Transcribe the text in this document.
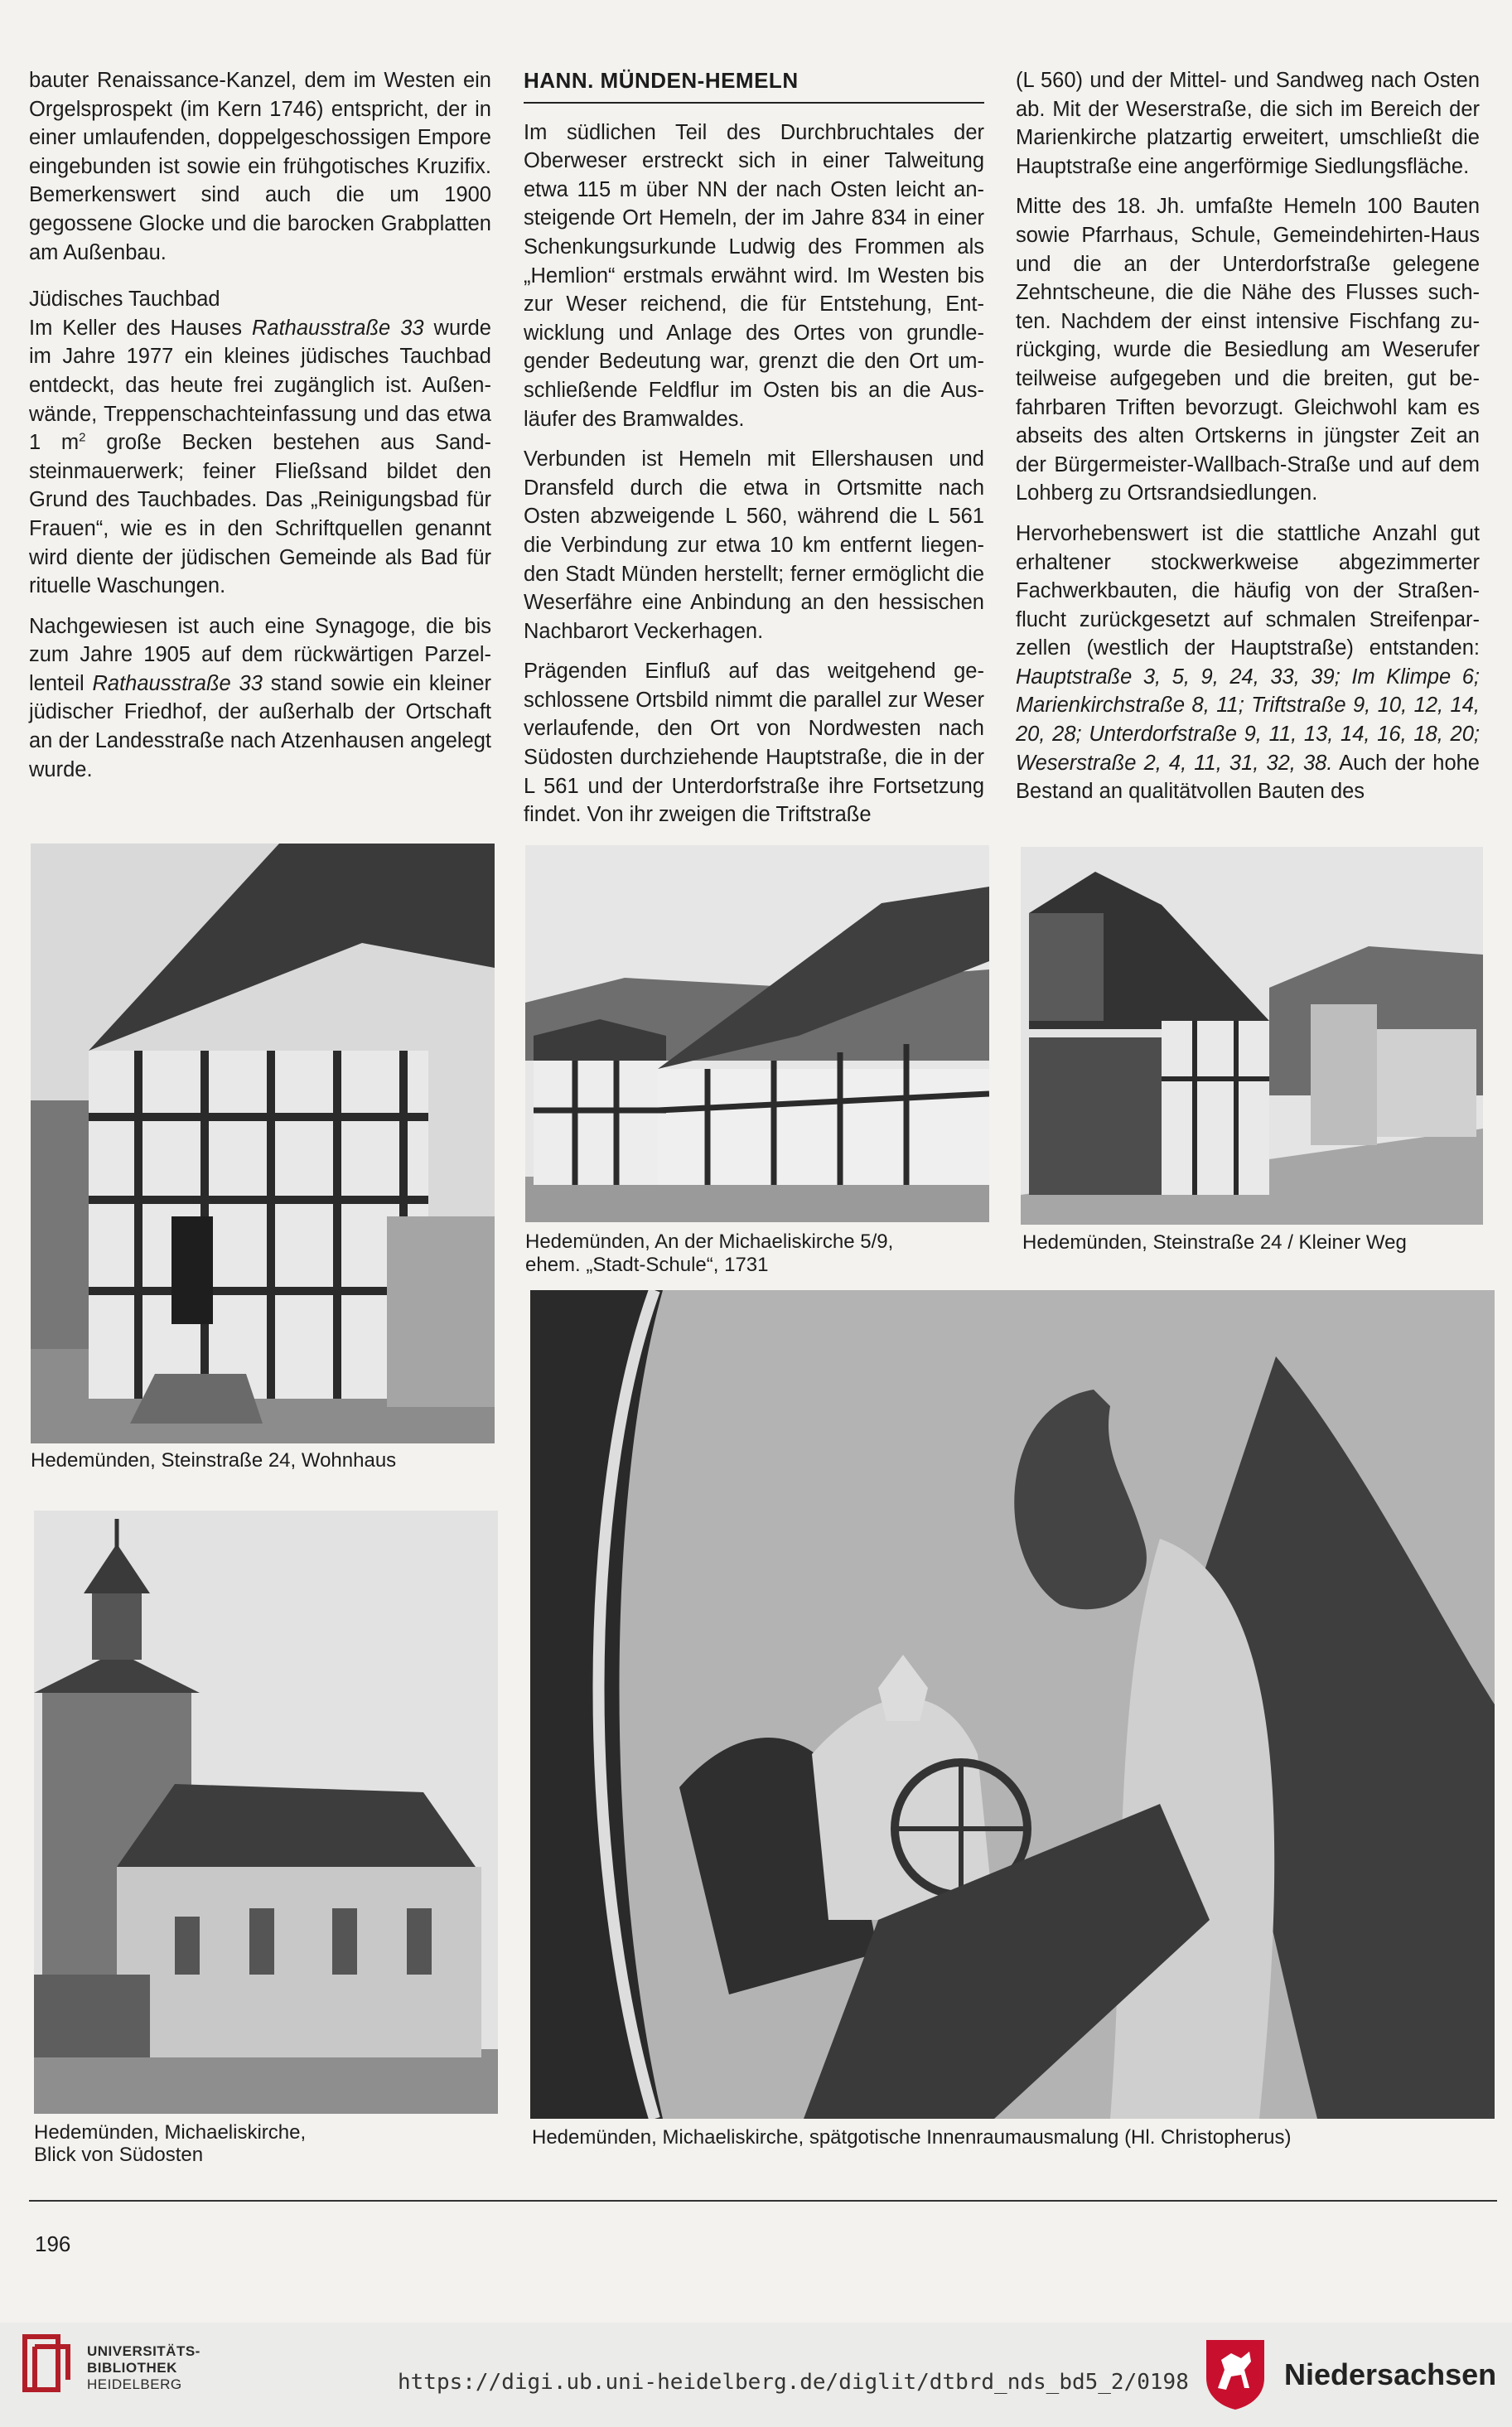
bauter Renaissance-Kanzel, dem im Westen ein Orgelsprospekt (im Kern 1746) entspricht, der in einer umlaufenden, doppelgeschossigen Empore eingebunden ist sowie ein frühgotisches Kruzifix. Bemerkenswert sind auch die um 1900 gegossene Glocke und die barocken Grabplatten am Außenbau.

Jüdisches Tauchbad

Im Keller des Hauses Rathausstraße 33 wurde im Jahre 1977 ein kleines jüdisches Tauchbad entdeckt, das heute frei zugänglich ist. Außenwände, Treppenschachteinfassung und das etwa 1 $m^2$ große Becken bestehen aus Sandsteinmauerwerk; feiner Fließsand bildet den Grund des Tauchbades. Das „Reinigungsbad für Frauen“, wie es in den Schriftquellen genannt wird diente der jüdischen Gemeinde als Bad für rituelle Waschungen.

Nachgewiesen ist auch eine Synagoge, die bis zum Jahre 1905 auf dem rückwärtigen Parzellenteil Rathausstraße 33 stand sowie ein kleiner jüdischer Friedhof, der außerhalb der Ortschaft an der Landesstraße nach Atzenhausen angelegt wurde.

HANN. MÜNDEN-HEMELN

Im südlichen Teil des Durchbruchtales der Oberweser erstreckt sich in einer Talweitung etwa 115 m über NN der nach Osten leicht ansteigende Ort Hemeln, der im Jahre 834 in einer Schenkungsurkunde Ludwig des Frommen als „Hemlion“ erstmals erwähnt wird. Im Westen bis zur Weser reichend, die für Entstehung, Entwicklung und Anlage des Ortes von grundlegender Bedeutung war, grenzt die den Ort umschließende Feldflur im Osten bis an die Ausläufer des Bramwaldes.

Verbunden ist Hemeln mit Ellershausen und Dransfeld durch die etwa in Ortsmitte nach Osten abzweigende L 560, während die L 561 die Verbindung zur etwa 10 km entfernt liegenden Stadt Münden herstellt; ferner ermöglicht die Weserfähre eine Anbindung an den hessischen Nachbarort Veckerhagen.

Prägenden Einfluß auf das weitgehend geschlossene Ortsbild nimmt die parallel zur Weser verlaufende, den Ort von Nordwesten nach Südosten durchziehende Hauptstraße, die in der L 561 und der Unterdorfstraße ihre Fortsetzung findet. Von ihr zweigen die Triftstraße

(L 560) und der Mittel- und Sandweg nach Osten ab. Mit der Weserstraße, die sich im Bereich der Marienkirche platzartig erweitert, umschließt die Hauptstraße eine angerförmige Siedlungsfläche.

Mitte des 18. Jh. umfaßte Hemeln 100 Bauten sowie Pfarrhaus, Schule, Gemeindehirten-Haus und die an der Unterdorfstraße gelegene Zehntscheune, die die Nähe des Flusses suchten. Nachdem der einst intensive Fischfang zurückging, wurde die Besiedlung am Weserufer teilweise aufgegeben und die breiten, gut befahrbaren Triften bevorzugt. Gleichwohl kam es abseits des alten Ortskerns in jüngster Zeit an der Bürgermeister-Wallbach-Straße und auf dem Lohberg zu Ortsrandsiedlungen.

Hervorhebenswert ist die stattliche Anzahl gut erhaltener stockwerkweise abgezimmerter Fachwerkbauten, die häufig von der Straßenflucht zurückgesetzt auf schmalen Streifenparzellen (westlich der Hauptstraße) entstanden: Hauptstraße 3, 5, 9, 24, 33, 39; Im Klimpe 6; Marienkirchstraße 8, 11; Triftstraße 9, 10, 12, 14, 20, 28; Unterdorfstraße 9, 11, 13, 14, 16, 18, 20; Weserstraße 2, 4, 11, 31, 32, 38. Auch der hohe Bestand an qualitätvollen Bauten des

Hedemünden, Steinstraße 24, Wohnhaus
Hedemünden, An der Michaeliskirche 5/9,
ehem. „Stadt-Schule“, 1731
Hedemünden, Steinstraße 24 / Kleiner Weg
Hedemünden, Michaeliskirche,
Blick von Südosten
Hedemünden, Michaeliskirche, spätgotische Innenraumausmalung (Hl. Christopherus)
196
UNIVERSITÄTS-
BIBLIOTHEK
HEIDELBERG	https://digi.ub.uni-heidelberg.de/diglit/dtbrd_nds_bd5_2/0198	Niedersachsen
